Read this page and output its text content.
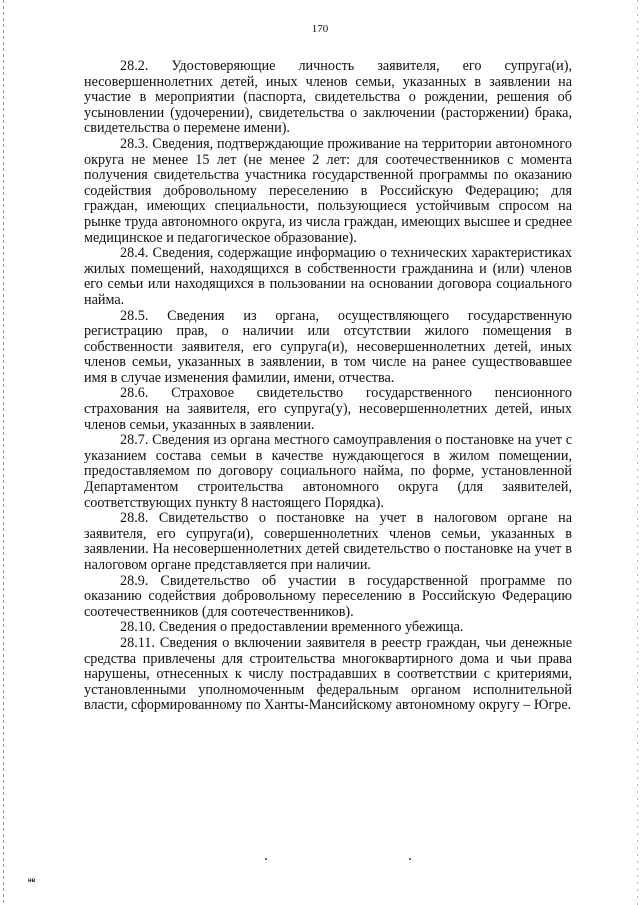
170

28.2. Удостоверяющие личность заявителя, его супруга(и), несовершеннолетних детей, иных членов семьи, указанных в заявлении на участие в мероприятии (паспорта, свидетельства о рождении, решения об усыновлении (удочерении), свидетельства о заключении (расторжении) брака, свидетельства о перемене имени).

28.3. Сведения, подтверждающие проживание на территории автономного округа не менее 15 лет (не менее 2 лет: для соотечественников с момента получения свидетельства участника государственной программы по оказанию содействия добровольному переселению в Российскую Федерацию; для граждан, имеющих специальности, пользующиеся устойчивым спросом на рынке труда автономного округа, из числа граждан, имеющих высшее и среднее медицинское и педагогическое образование).

28.4. Сведения, содержащие информацию о технических характеристиках жилых помещений, находящихся в собственности гражданина и (или) членов его семьи или находящихся в пользовании на основании договора социального найма.

28.5. Сведения из органа, осуществляющего государственную регистрацию прав, о наличии или отсутствии жилого помещения в собственности заявителя, его супруга(и), несовершеннолетних детей, иных членов семьи, указанных в заявлении, в том числе на ранее существовавшее имя в случае изменения фамилии, имени, отчества.

28.6. Страховое свидетельство государственного пенсионного страхования на заявителя, его супруга(у), несовершеннолетних детей, иных членов семьи, указанных в заявлении.

28.7. Сведения из органа местного самоуправления о постановке на учет с указанием состава семьи в качестве нуждающегося в жилом помещении, предоставляемом по договору социального найма, по форме, установленной Департаментом строительства автономного округа (для заявителей, соответствующих пункту 8 настоящего Порядка).

28.8. Свидетельство о постановке на учет в налоговом органе на заявителя, его супруга(и), совершеннолетних членов семьи, указанных в заявлении. На несовершеннолетних детей свидетельство о постановке на учет в налоговом органе представляется при наличии.

28.9. Свидетельство об участии в государственной программе по оказанию содействия добровольному переселению в Российскую Федерацию соотечественников (для соотечественников).

28.10. Сведения о предоставлении временного убежища.

28.11. Сведения о включении заявителя в реестр граждан, чьи денежные средства привлечены для строительства многоквартирного дома и чьи права нарушены, отнесенных к числу пострадавших в соответствии с критериями, установленными уполномоченным федеральным органом исполнительной власти, сформированному по Ханты-Мансийскому автономному округу – Югре.

нв
